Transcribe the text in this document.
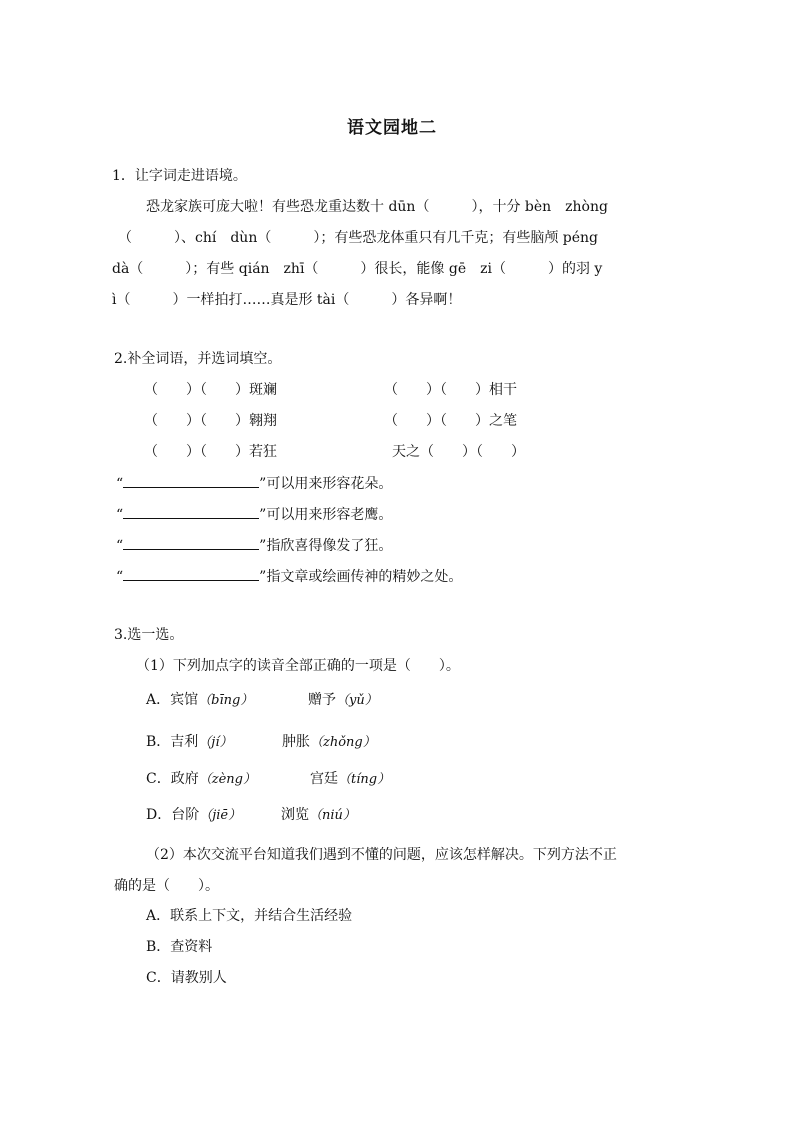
语文园地二
1．让字词走进语境。
恐龙家族可庞大啦！有些恐龙重达数十 dūn（　　　），十分 bèn　zhòng
（　　　）、chí　dùn（　　　）；有些恐龙体重只有几千克；有些脑颅 péng
dà（　　　）；有些 qián　zhī（　　　）很长，能像 gē　zi（　　　）的羽 y
ì（　　　）一样拍打……真是形 tài（　　　）各异啊！
2.补全词语，并选词填空。
（　　）（　　）斑斓	（　　）（　　）相干
（　　）（　　）翱翔	（　　）（　　）之笔
（　　）（　　）若狂	天之（　　）（　　）
“	”可以用来形容花朵。
“	”可以用来形容老鹰。
“	”指欣喜得像发了狂。
“	”指文章或绘画传神的精妙之处。
3.选一选。
（1）下列加点字的读音全部正确的一项是（　　）。
A．宾馆（bīng）	赠予（yǔ）
B．吉利（jí）	肿胀（zhǒng）
C．政府（zèng）	宫廷（tíng）
D．台阶（jiē）	浏览（niú）
（2）本次交流平台知道我们遇到不懂的问题，应该怎样解决。下列方法不正
确的是（　　）。
A．联系上下文，并结合生活经验
B．查资料
C．请教别人
